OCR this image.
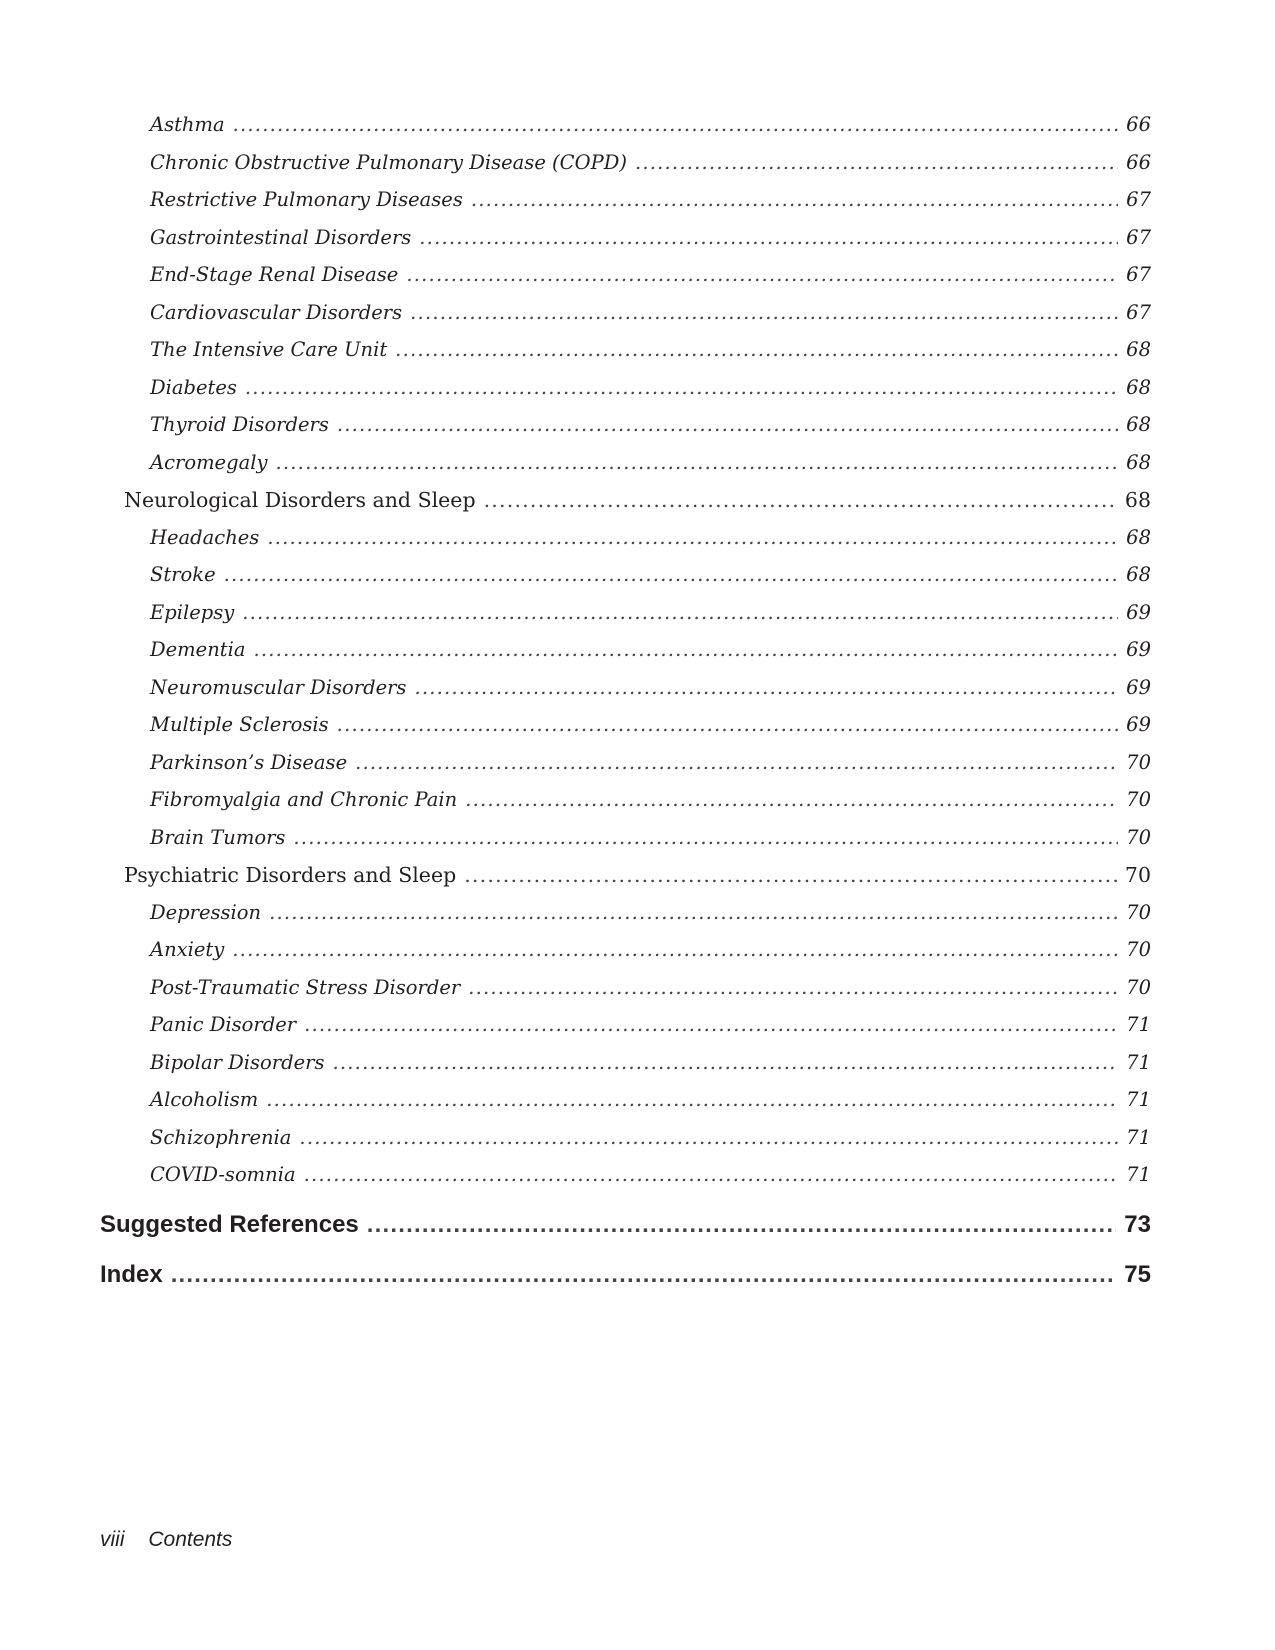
Asthma .....	66
Chronic Obstructive Pulmonary Disease (COPD) .....	66
Restrictive Pulmonary Diseases .....	67
Gastrointestinal Disorders .....	67
End-Stage Renal Disease .....	67
Cardiovascular Disorders .....	67
The Intensive Care Unit .....	68
Diabetes .....	68
Thyroid Disorders .....	68
Acromegaly .....	68
Neurological Disorders and Sleep .....	68
Headaches .....	68
Stroke .....	68
Epilepsy .....	69
Dementia .....	69
Neuromuscular Disorders .....	69
Multiple Sclerosis .....	69
Parkinson’s Disease .....	70
Fibromyalgia and Chronic Pain .....	70
Brain Tumors .....	70
Psychiatric Disorders and Sleep .....	70
Depression .....	70
Anxiety .....	70
Post-Traumatic Stress Disorder .....	70
Panic Disorder .....	71
Bipolar Disorders .....	71
Alcoholism .....	71
Schizophrenia .....	71
COVID-somnia .....	71
Suggested References .....	73
Index .....	75
viii Contents
